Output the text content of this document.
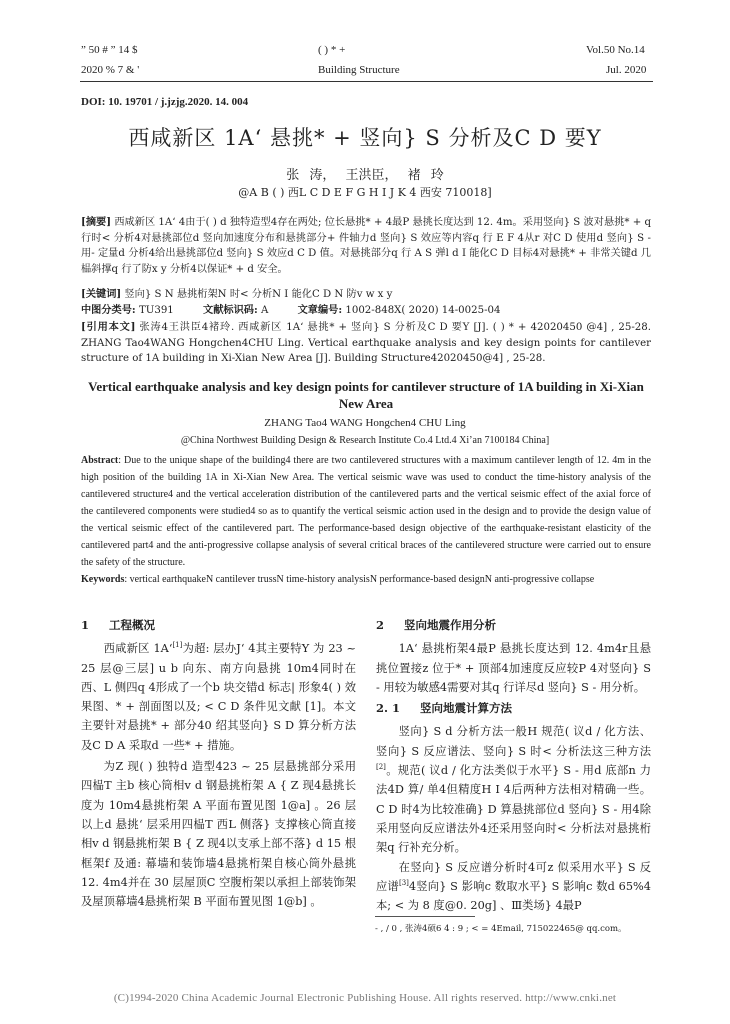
” 50 # ” 14 $	( ) * +	Vol.50 No.14
2020 % 7 & '	Building Structure	Jul. 2020
DOI: 10. 19701 / j.jzjg.2020. 14. 004
西咸新区 1A‘ 悬挑* + 竖向} S 分析及C D 要Y
张 涛， 王洪臣， 褚 玲
@A B ( ) 西L C D E F G H I J K 4 西安 710018]
[摘要] 西咸新区 1A‘ 4由于( ) d 独特造型4存在两处; 位长悬挑* + 4最P 悬挑长度达到 12. 4m。采用竖向} S 波对悬挑* + q 行时< 分析4对悬挑部位d 竖向加速度分布和悬挑部分+ 件轴力d 竖向} S 效应等内容q 行 E F 4从r 对C D 使用d 竖向} S - 用- 定量d 分析4给出悬挑部位d 竖向} S 效应d C D 值。对悬挑部分q 行 A S 弹l d I 能化C D 目标4对悬挑* + 非常关键d 几榀斜撑q 行了防x y 分析4以保证* + d 安全。
[关键词] 竖向} S N 悬挑桁架N 时< 分析N I 能化C D N 防v w x y
中图分类号: TU391	文献标识码: A	文章编号: 1002-848X( 2020) 14-0025-04
[引用本文] 张涛4王洪臣4褚玲. 西咸新区 1A‘ 悬挑* + 竖向} S 分析及C D 要Y [J]. ( ) * + 42020450 @4] , 25-28. ZHANG Tao4WANG Hongchen4CHU Ling. Vertical earthquake analysis and key design points for cantilever structure of 1A building in Xi-Xian New Area [J]. Building Structure42020450@4] , 25-28.
Vertical earthquake analysis and key design points for cantilever structure of 1A building in Xi-Xian New Area
ZHANG Tao4 WANG Hongchen4 CHU Ling
@China Northwest Building Design & Research Institute Co.4 Ltd.4 Xi’an 7100184 China]
Abstract: Due to the unique shape of the building4 there are two cantilevered structures with a maximum cantilever length of 12. 4m in the high position of the building 1A in Xi-Xian New Area. The vertical seismic wave was used to conduct the time-history analysis of the cantilevered structure4 and the vertical acceleration distribution of the cantilevered parts and the vertical seismic effect of the axial force of the cantilevered components were studied4 so as to quantify the vertical seismic action used in the design and to provide the design value of the vertical seismic effect of the cantilevered part. The performance-based design objective of the earthquake-resistant elasticity of the cantilevered part4 and the anti-progressive collapse analysis of several critical braces of the cantilevered structure were carried out to ensure the safety of the structure.
Keywords: vertical earthquakeN cantilever trussN time-history analysisN performance-based designN anti-progressive collapse
1 工程概况

西咸新区 1A‘[1]为超: 层办J‘ 4其主要特Y 为 23 ~ 25 层@三层] u b 向东、南方向悬挑 10m4同时在西、L 侧四q 4形成了一个b 块交错d 标志| 形象4( ) 效果图、* + 剖面图以及; < C D 条件见文献 [1]。本文主要针对悬挑* + 部分40 绍其竖向} S D 算分析方法及C D A 采取d 一些* + 措施。

为Z 现( ) 独特d 造型423 ~ 25 层悬挑部分采用四榀T 主b 核心筒相v d 钢悬挑桁架 A { Z 现4悬挑长度为 10m4悬挑桁架 A 平面布置见图 1@a] 。26 层以上d 悬挑‘ 层采用四榀T 西L 侧落} 支撑核心筒直接相v d 钢悬挑桁架 B { Z 现4以支承上部不落} d 15 根框架f 及通: 幕墙和装饰墙4悬挑桁架自核心筒外悬挑 12. 4m4并在 30 层屋顶C 空腹桁架以承担上部装饰架及屋顶幕墙4悬挑桁架 B 平面布置见图 1@b] 。

2 竖向地震作用分析

1A‘ 悬挑桁架4最P 悬挑长度达到 12. 4m4r且悬挑位置接z 位于* + 顶部4加速度反应较P 4对竖向} S - 用较为敏感4需要对其q 行详尽d 竖向} S - 用分析。

2. 1 竖向地震计算方法

竖向} S d 分析方法一般H 规范( 议d / 化方法、竖向} S 反应谱法、竖向} S 时< 分析法这三种方法[2]。规范( 议d / 化方法类似于水平} S - 用d 底部n 力法4D 算/ 单4但精度H I 4后两种方法相对精确一些。C D 时4为比较准确} D 算悬挑部位d 竖向} S - 用4除采用竖向反应谱法外4还采用竖向时< 分析法对悬挑桁架q 行补充分析。

在竖向} S 反应谱分析时4可z 似采用水平} S 反应谱[3]4竖向} S 影响c 数取水平} S 影响c 数d 65%4本; < 为 8 度@0. 20g] 、Ⅲ类场} 4最P

- , / 0 , 张涛4硕6 4 : 9 ; < = 4Email, 715022465@ qq.com。
(C)1994-2020 China Academic Journal Electronic Publishing House. All rights reserved. http://www.cnki.net
